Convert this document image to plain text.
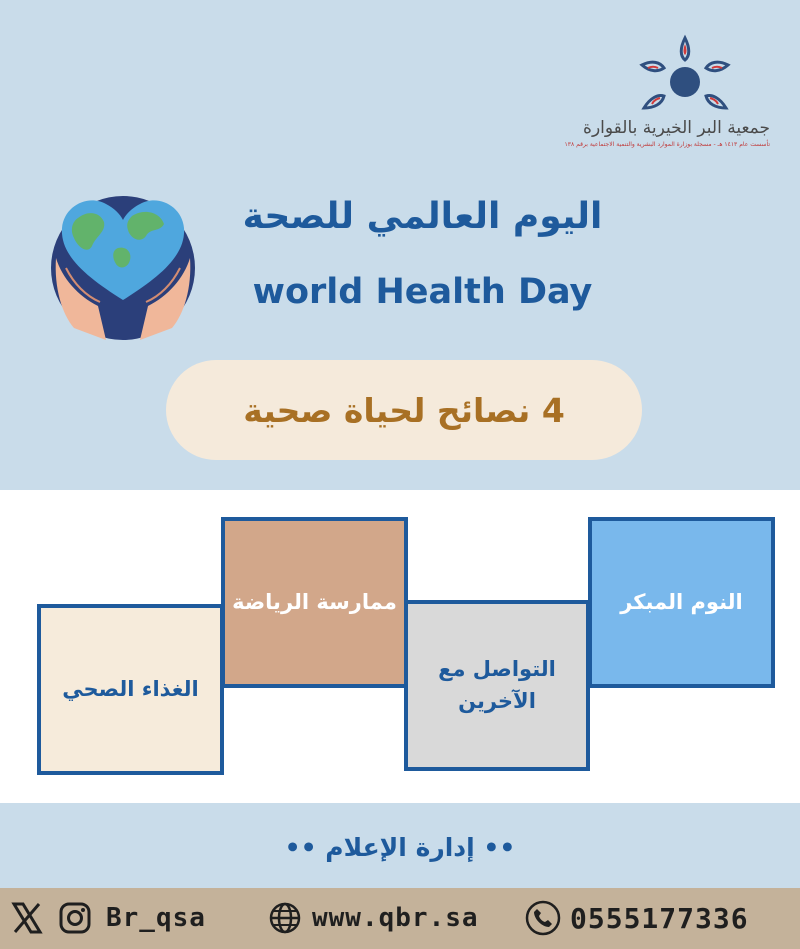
جمعية البر الخيرية بالقوارة
تأسست عام ١٤١٣ هـ - مسجلة بوزارة الموارد البشرية والتنمية الاجتماعية برقم ١٣٨
اليوم العالمي للصحة
world Health Day
4 نصائح لحياة صحية
الغذاء الصحي
ممارسة الرياضة
التواصل مع الآخرين
النوم المبكر
•• إدارة الإعلام ••
Br_qsa	www.qbr.sa	0555177336
